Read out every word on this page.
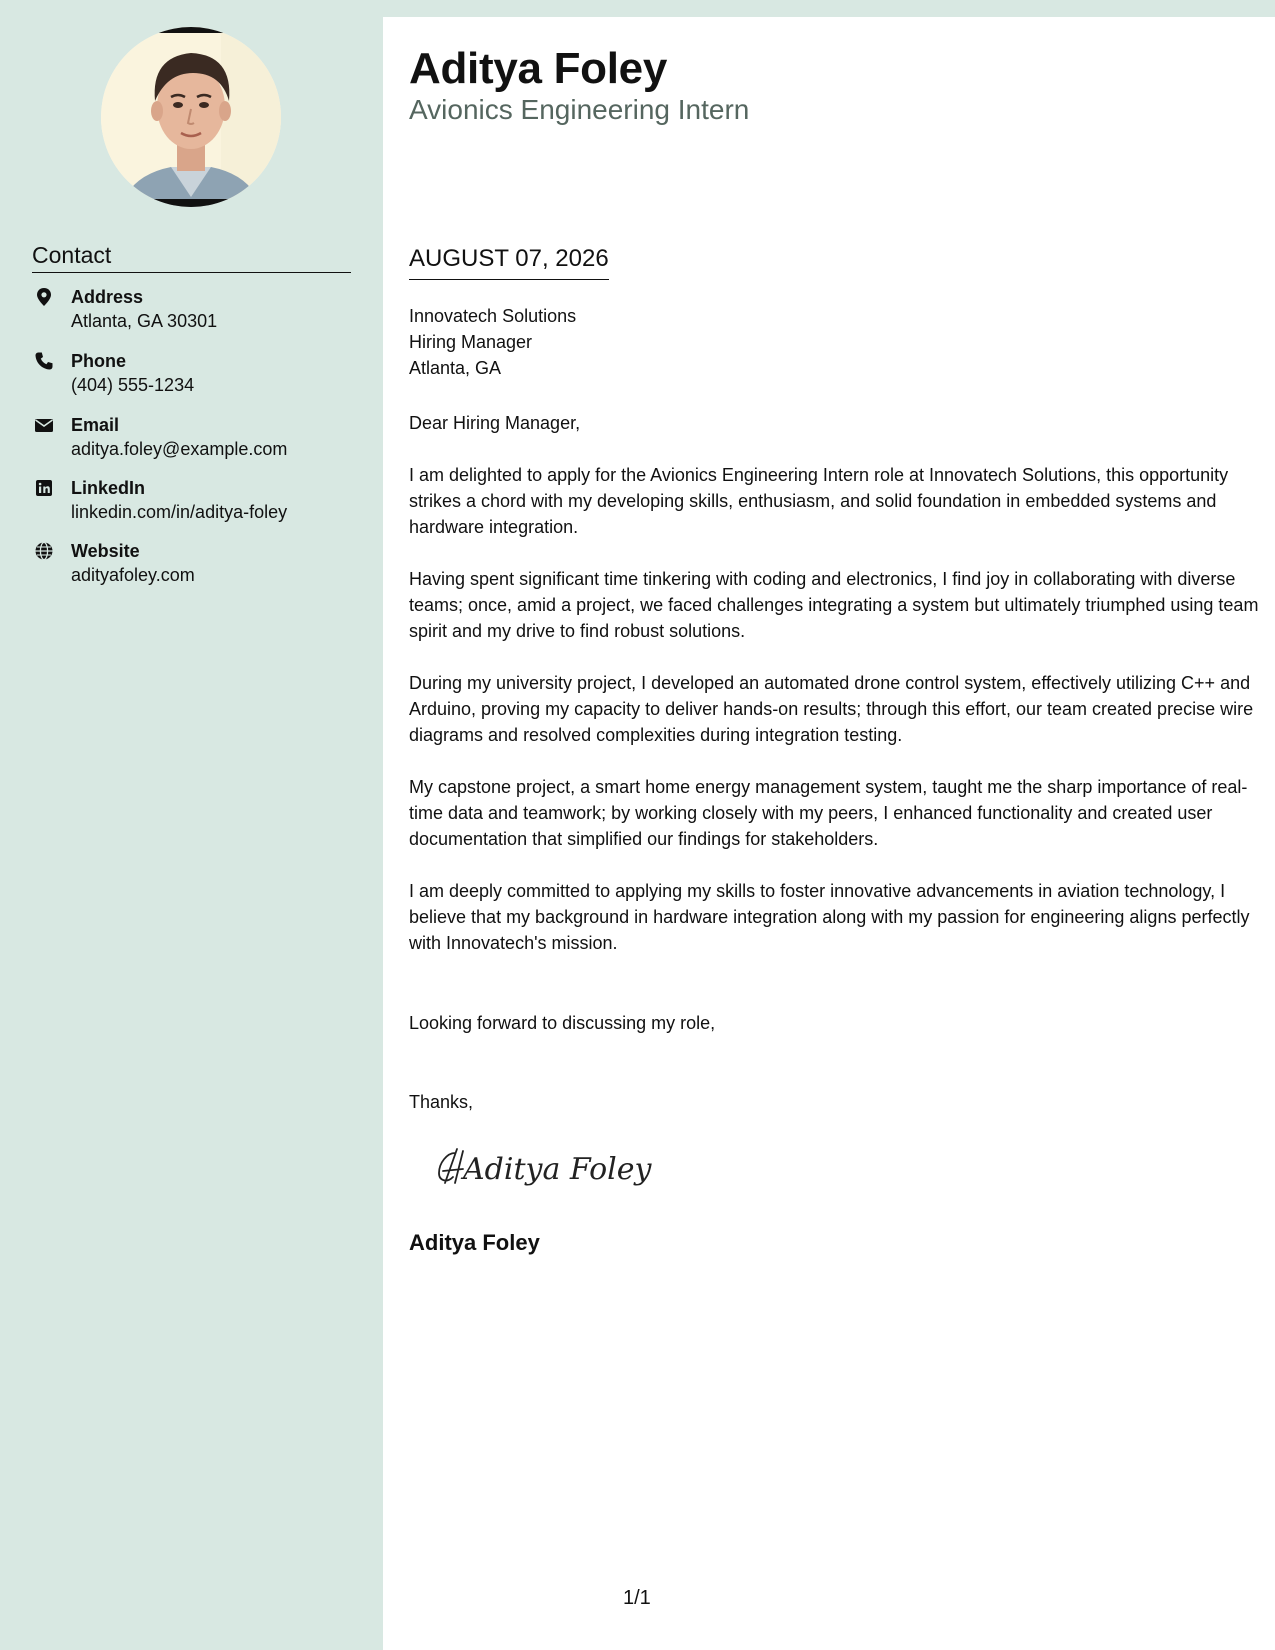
Contact
Address
Atlanta, GA 30301
Phone
(404) 555-1234
Email
aditya.foley@example.com
LinkedIn
linkedin.com/in/aditya-foley
Website
adityafoley.com
Aditya Foley
Avionics Engineering Intern
AUGUST 07, 2026
Innovatech Solutions
Hiring Manager
Atlanta, GA

Dear Hiring Manager,

I am delighted to apply for the Avionics Engineering Intern role at Innovatech Solutions, this opportunity strikes a chord with my developing skills, enthusiasm, and solid foundation in embedded systems and hardware integration.

Having spent significant time tinkering with coding and electronics, I find joy in collaborating with diverse teams; once, amid a project, we faced challenges integrating a system but ultimately triumphed using team spirit and my drive to find robust solutions.

During my university project, I developed an automated drone control system, effectively utilizing C++ and Arduino, proving my capacity to deliver hands-on results; through this effort, our team created precise wire diagrams and resolved complexities during integration testing.

My capstone project, a smart home energy management system, taught me the sharp importance of real-time data and teamwork; by working closely with my peers, I enhanced functionality and created user documentation that simplified our findings for stakeholders.

I am deeply committed to applying my skills to foster innovative advancements in aviation technology, I believe that my background in hardware integration along with my passion for engineering aligns perfectly with Innovatech's mission.

Looking forward to discussing my role,
Thanks,
Aditya Foley
Aditya Foley
1/1
